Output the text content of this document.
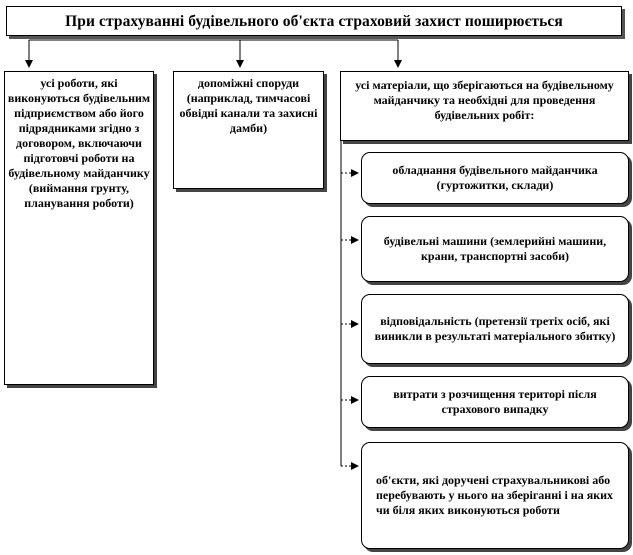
При страхуванні будівельного об'єкта страховий захист поширюється
усі роботи, які виконуються будівельним підприємством або його підрядниками згідно з договором, включаючи підготовчі роботи на будівельному майданчику (виймання грунту, планування роботи)
допоміжні споруди (наприклад, тимчасові обвідні канали та захисні дамби)
усі матеріали, що зберігаються на будівельному майданчику та необхідні для проведення будівельних робіт:
обладнання будівельного майданчика (гуртожитки, склади)
будівельні машини (землерийні машини, крани, транспортні засоби)
відповідальність (претензії третіх осіб, які виникли в результаті матеріального збитку)
витрати з розчищення територі після страхового випадку
об'єкти, які доручені страхувальникові або перебувають у нього на зберіганні і на яких чи біля яких виконуються роботи
